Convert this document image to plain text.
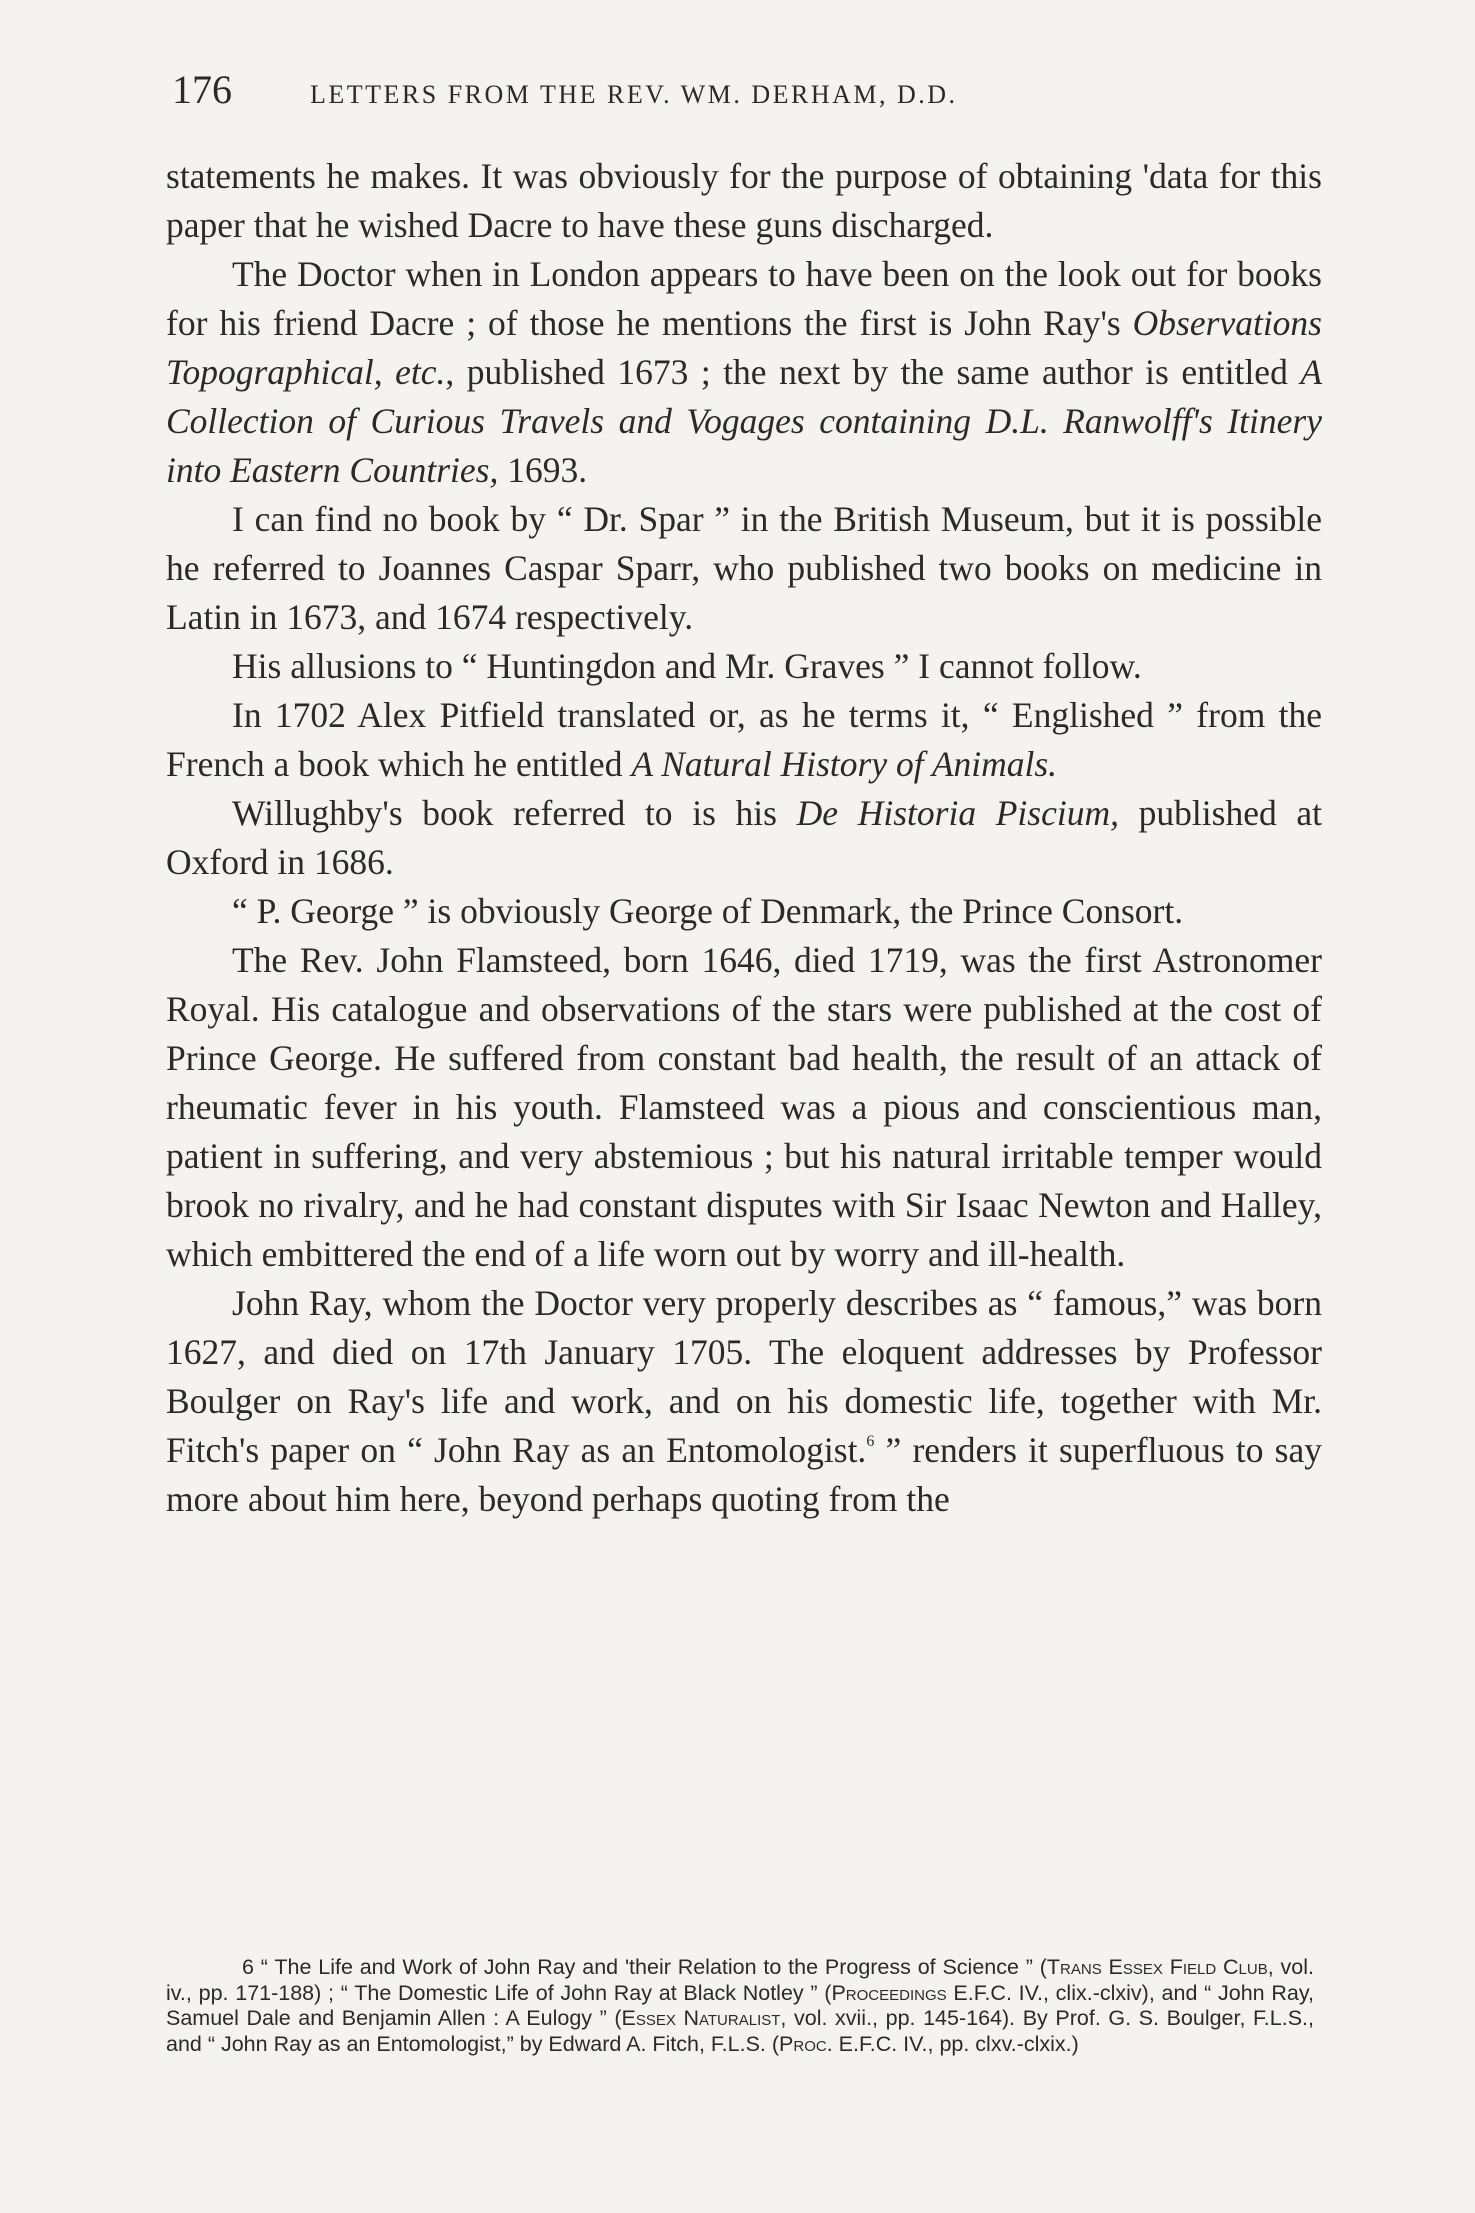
176	LETTERS FROM THE REV. WM. DERHAM, D.D.

statements he makes. It was obviously for the purpose of obtaining 'data for this paper that he wished Dacre to have these guns discharged.

The Doctor when in London appears to have been on the look out for books for his friend Dacre ; of those he mentions the first is John Ray's Observations Topographical, etc., published 1673 ; the next by the same author is entitled A Collection of Curious Travels and Vogages containing D.L. Ranwolff's Itinery into Eastern Countries, 1693.

I can find no book by “ Dr. Spar ” in the British Museum, but it is possible he referred to Joannes Caspar Sparr, who published two books on medicine in Latin in 1673, and 1674 respectively.

His allusions to “ Huntingdon and Mr. Graves ” I cannot follow.

In 1702 Alex Pitfield translated or, as he terms it, “ Englished ” from the French a book which he entitled A Natural History of Animals.

Willughby's book referred to is his De Historia Piscium, published at Oxford in 1686.

“ P. George ” is obviously George of Denmark, the Prince Consort.

The Rev. John Flamsteed, born 1646, died 1719, was the first Astronomer Royal. His catalogue and observations of the stars were published at the cost of Prince George. He suffered from constant bad health, the result of an attack of rheumatic fever in his youth. Flamsteed was a pious and conscientious man, patient in suffering, and very abstemious ; but his natural irritable temper would brook no rivalry, and he had constant disputes with Sir Isaac Newton and Halley, which embittered the end of a life worn out by worry and ill-health.

John Ray, whom the Doctor very properly describes as “ famous,” was born 1627, and died on 17th January 1705. The eloquent addresses by Professor Boulger on Ray's life and work, and on his domestic life, together with Mr. Fitch's paper on “ John Ray as an Entomologist.$^6$ ” renders it superfluous to say more about him here, beyond perhaps quoting from the

6 “ The Life and Work of John Ray and 'their Relation to the Progress of Science ” (Trans Essex Field Club, vol. iv., pp. 171-188) ; “ The Domestic Life of John Ray at Black Notley ” (Proceedings E.F.C. IV., clix.-clxiv), and “ John Ray, Samuel Dale and Benjamin Allen : A Eulogy ” (Essex Naturalist, vol. xvii., pp. 145-164). By Prof. G. S. Boulger, F.L.S., and “ John Ray as an Entomologist,” by Edward A. Fitch, F.L.S. (Proc. E.F.C. IV., pp. clxv.-clxix.)
